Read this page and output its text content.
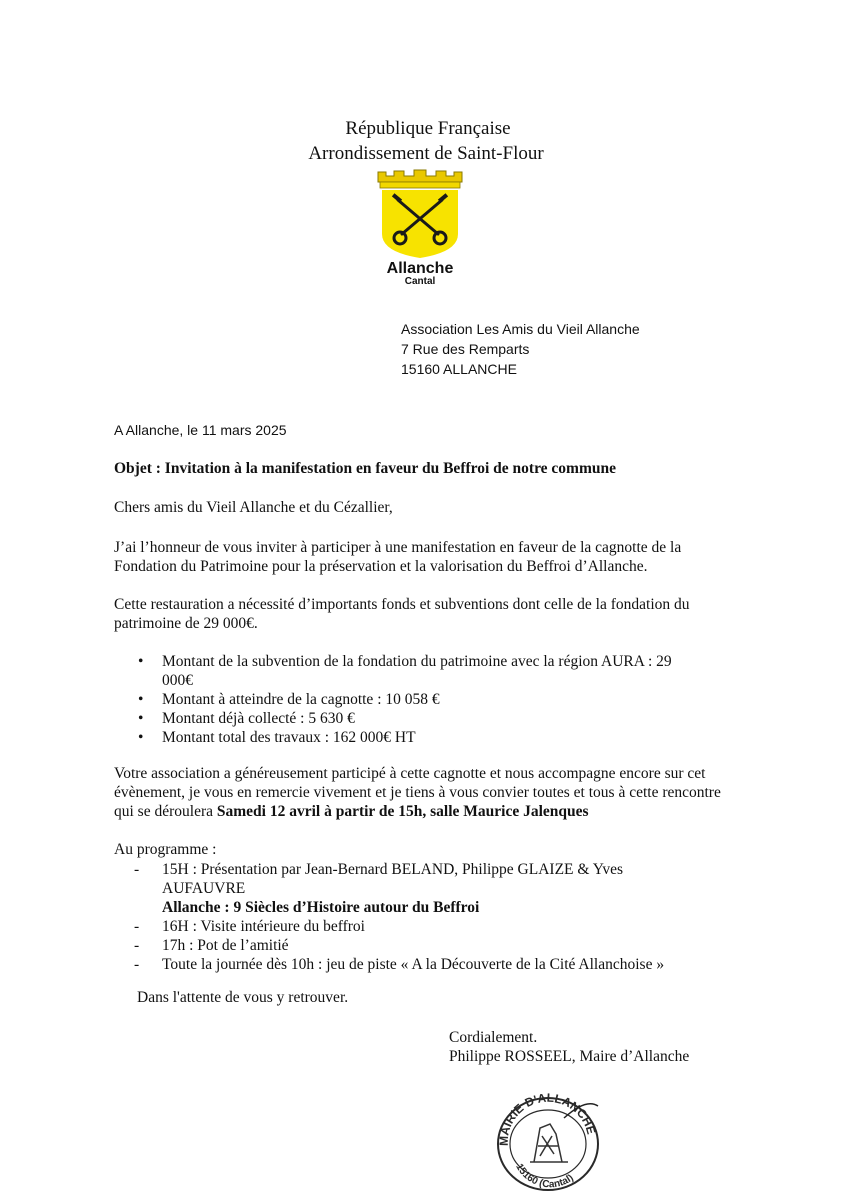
République Française
Arrondissement de Saint-Flour
Allanche
Cantal
Association Les Amis du Vieil Allanche
7 Rue des Remparts
15160 ALLANCHE
A Allanche, le 11 mars 2025
Objet : Invitation à la manifestation en faveur du Beffroi de notre commune
Chers amis du Vieil Allanche et du Cézallier,
J’ai l’honneur de vous inviter à participer à une manifestation en faveur de la cagnotte de la Fondation du Patrimoine pour la préservation et la valorisation du Beffroi d’Allanche.
Cette restauration a nécessité d’importants fonds et subventions dont celle de la fondation du patrimoine de 29 000€.
• Montant de la subvention de la fondation du patrimoine avec la région AURA : 29 000€
• Montant à atteindre de la cagnotte : 10 058 €
• Montant déjà collecté : 5 630 €
• Montant total des travaux : 162 000€ HT
Votre association a généreusement participé à cette cagnotte et nous accompagne encore sur cet évènement, je vous en remercie vivement et je tiens à vous convier toutes et tous à cette rencontre qui se déroulera Samedi 12 avril à partir de 15h, salle Maurice Jalenques
Au programme :
- 15H : Présentation par Jean-Bernard BELAND, Philippe GLAIZE & Yves AUFAUVRE
Allanche : 9 Siècles d’Histoire autour du Beffroi
- 16H : Visite intérieure du beffroi
- 17h : Pot de l’amitié
- Toute la journée dès 10h : jeu de piste « A la Découverte de la Cité Allanchoise »
Dans l'attente de vous y retrouver.
Cordialement.
Philippe ROSSEEL, Maire d’Allanche
MAIRIE D'ALLANCHE
15160 (Cantal)
